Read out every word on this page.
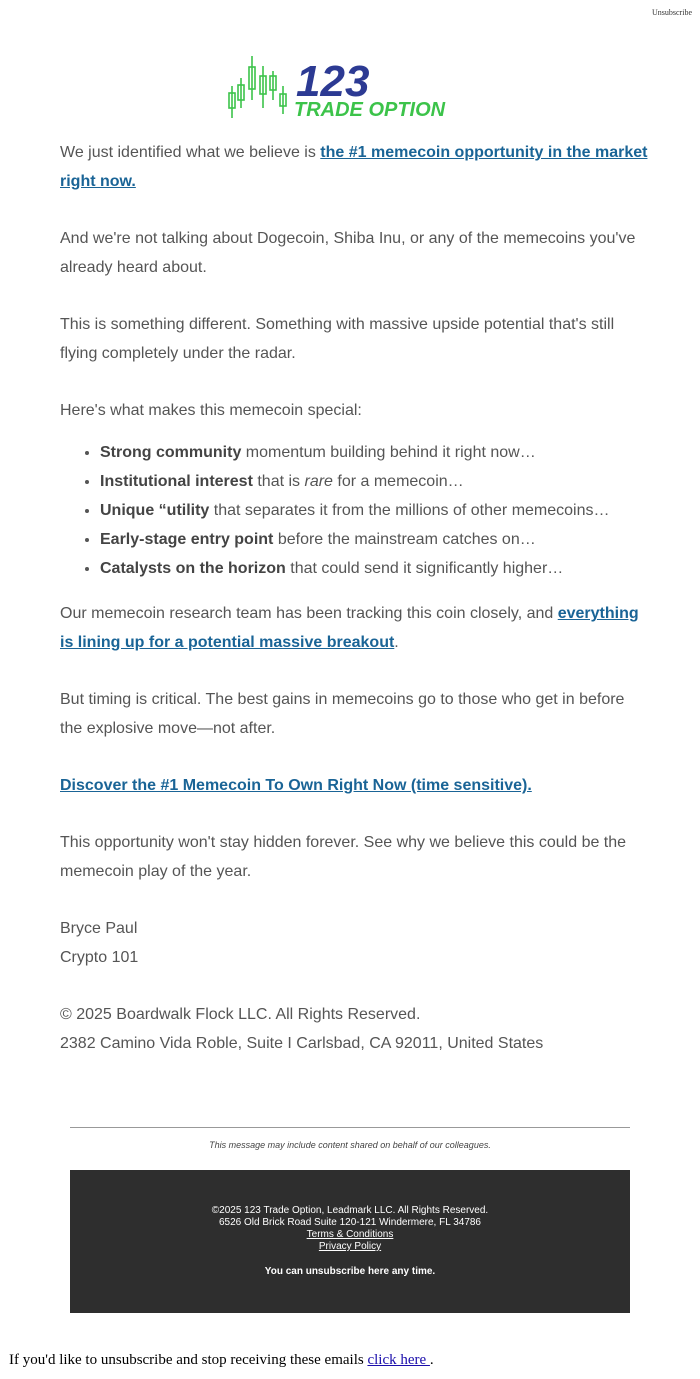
Unsubscribe
123
TRADE OPTION

We just identified what we believe is the #1 memecoin opportunity in the market right now.

And we're not talking about Dogecoin, Shiba Inu, or any of the memecoins you've already heard about.

This is something different. Something with massive upside potential that's still flying completely under the radar.

Here's what makes this memecoin special:

• Strong community momentum building behind it right now…
• Institutional interest that is rare for a memecoin…
• Unique “utility that separates it from the millions of other memecoins…
• Early-stage entry point before the mainstream catches on…
• Catalysts on the horizon that could send it significantly higher…

Our memecoin research team has been tracking this coin closely, and everything is lining up for a potential massive breakout.

But timing is critical. The best gains in memecoins go to those who get in before the explosive move—not after.

Discover the #1 Memecoin To Own Right Now (time sensitive).

This opportunity won't stay hidden forever. See why we believe this could be the memecoin play of the year.

Bryce Paul

Crypto 101

© 2025 Boardwalk Flock LLC. All Rights Reserved.

2382 Camino Vida Roble, Suite I Carlsbad, CA 92011, United States

This message may include content shared on behalf of our colleagues.
©2025 123 Trade Option, Leadmark LLC. All Rights Reserved.
6526 Old Brick Road Suite 120-121 Windermere, FL 34786
Terms & Conditions
Privacy Policy
You can unsubscribe here any time.
If you'd like to unsubscribe and stop receiving these emails click here .
